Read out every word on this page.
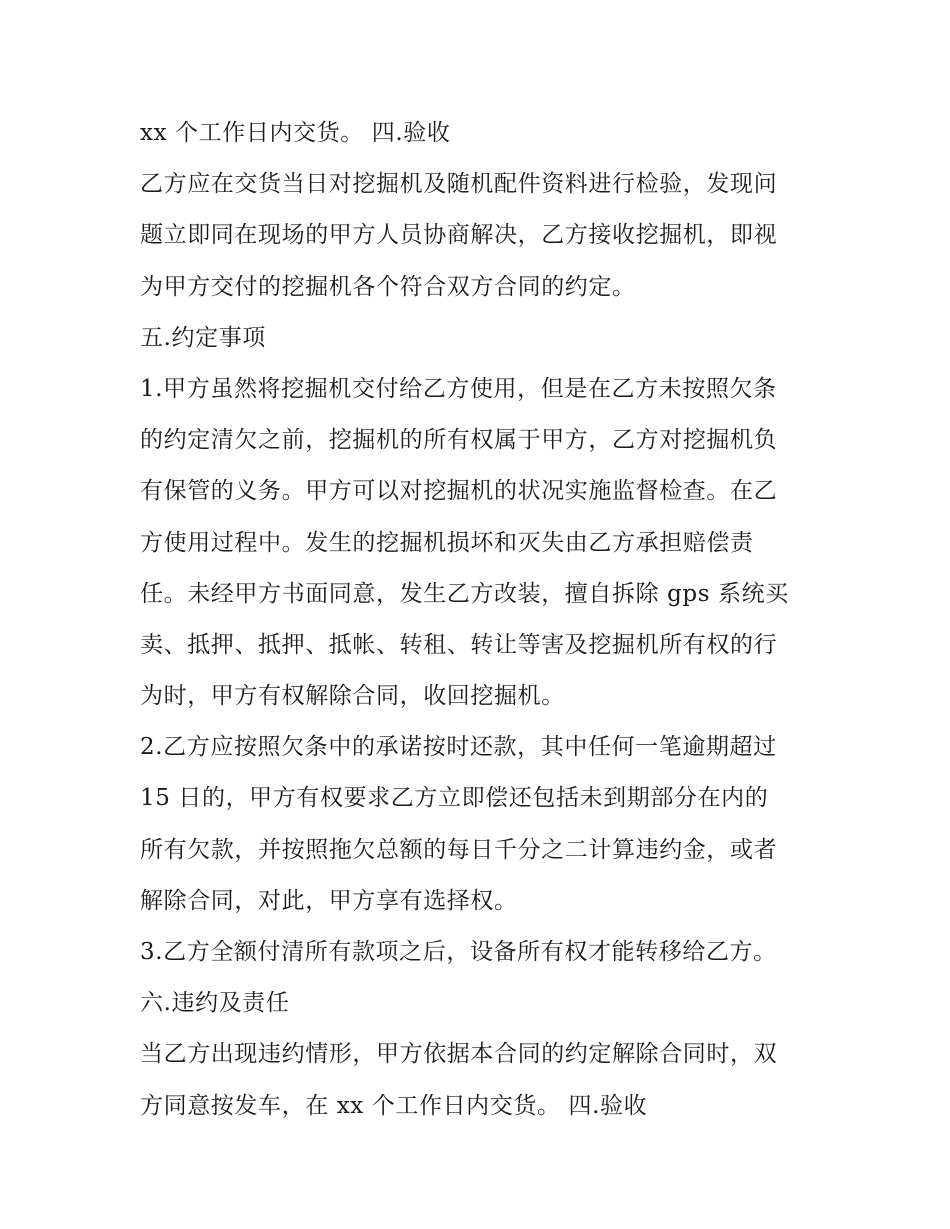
xx 个工作日内交货。 四.验收

乙方应在交货当日对挖掘机及随机配件资料进行检验，发现问

题立即同在现场的甲方人员协商解决，乙方接收挖掘机，即视

为甲方交付的挖掘机各个符合双方合同的约定。

五.约定事项

1.甲方虽然将挖掘机交付给乙方使用，但是在乙方未按照欠条

的约定清欠之前，挖掘机的所有权属于甲方，乙方对挖掘机负

有保管的义务。甲方可以对挖掘机的状况实施监督检查。在乙

方使用过程中。发生的挖掘机损坏和灭失由乙方承担赔偿责

任。未经甲方书面同意，发生乙方改装，擅自拆除 gps 系统买

卖、抵押、抵押、抵帐、转租、转让等害及挖掘机所有权的行

为时，甲方有权解除合同，收回挖掘机。

2.乙方应按照欠条中的承诺按时还款，其中任何一笔逾期超过

15 日的，甲方有权要求乙方立即偿还包括未到期部分在内的

所有欠款，并按照拖欠总额的每日千分之二计算违约金，或者

解除合同，对此，甲方享有选择权。

3.乙方全额付清所有款项之后，设备所有权才能转移给乙方。

六.违约及责任

当乙方出现违约情形，甲方依据本合同的约定解除合同时，双

方同意按发车，在 xx 个工作日内交货。 四.验收
